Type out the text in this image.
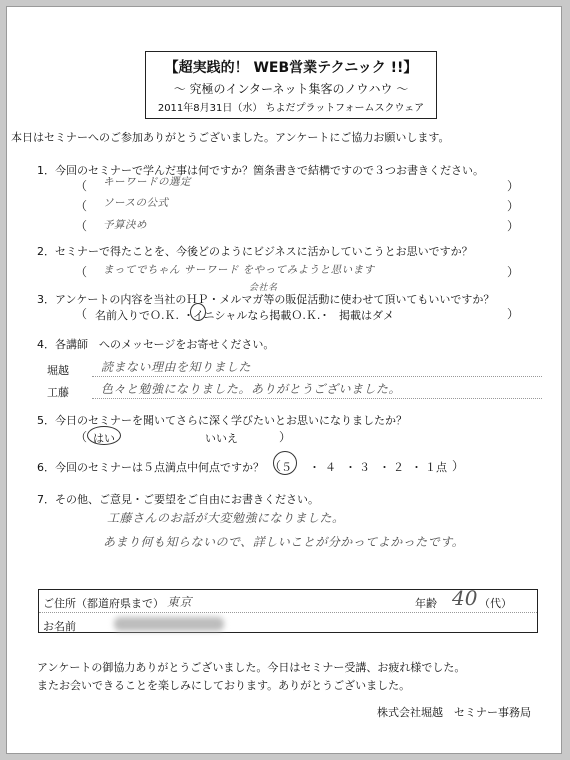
【超実践的！ WEB営業テクニック !!】
～ 究極のインターネット集客のノウハウ ～
2011年8月31日（水） ちよだプラットフォームスクウェア
本日はセミナーへのご参加ありがとうございました。アンケートにご協力お願いします。
1．今回のセミナーで学んだ事は何ですか？箇条書きで結構ですので３つお書きください。
（	）
キーワードの選定
（	）
ソースの公式
（	）
予算決め
2．セミナーで得たことを、今後どのようにビジネスに活かしていこうとお思いですか？
（	）
まってでちゃん サーワード をやってみようと思います
会社名
3．アンケートの内容を当社のＨＰ・メルマガ等の販促活動に使わせて頂いてもいいですか？
（	）
名前入りでＯ.Ｋ. ・ イニシャルなら掲載Ｏ.Ｋ.
・ 掲載はダメ
4．各講師　へのメッセージをお寄せください。
堀越	読まない理由を知りました
工藤	色々と勉強になりました。ありがとうございました。
5．今日のセミナーを聞いてさらに深く学びたいとお思いになりましたか？
（ はい	いいえ	）
6．今回のセミナーは５点満点中何点ですか？ （ ５ ・ ４ ・ ３ ・ ２ ・ １点 ）
7．その他、ご意見・ご要望をご自由にお書きください。
工藤さんのお話が大変勉強になりました。
あまり何も知らないので、詳しいことが分かってよかったです。
ご住所（都道府県まで） 東京	年齢 40 （代）
お名前
アンケートの御協力ありがとうございました。今日はセミナー受講、お疲れ様でした。
またお会いできることを楽しみにしております。ありがとうございました。
株式会社堀越　セミナー事務局
